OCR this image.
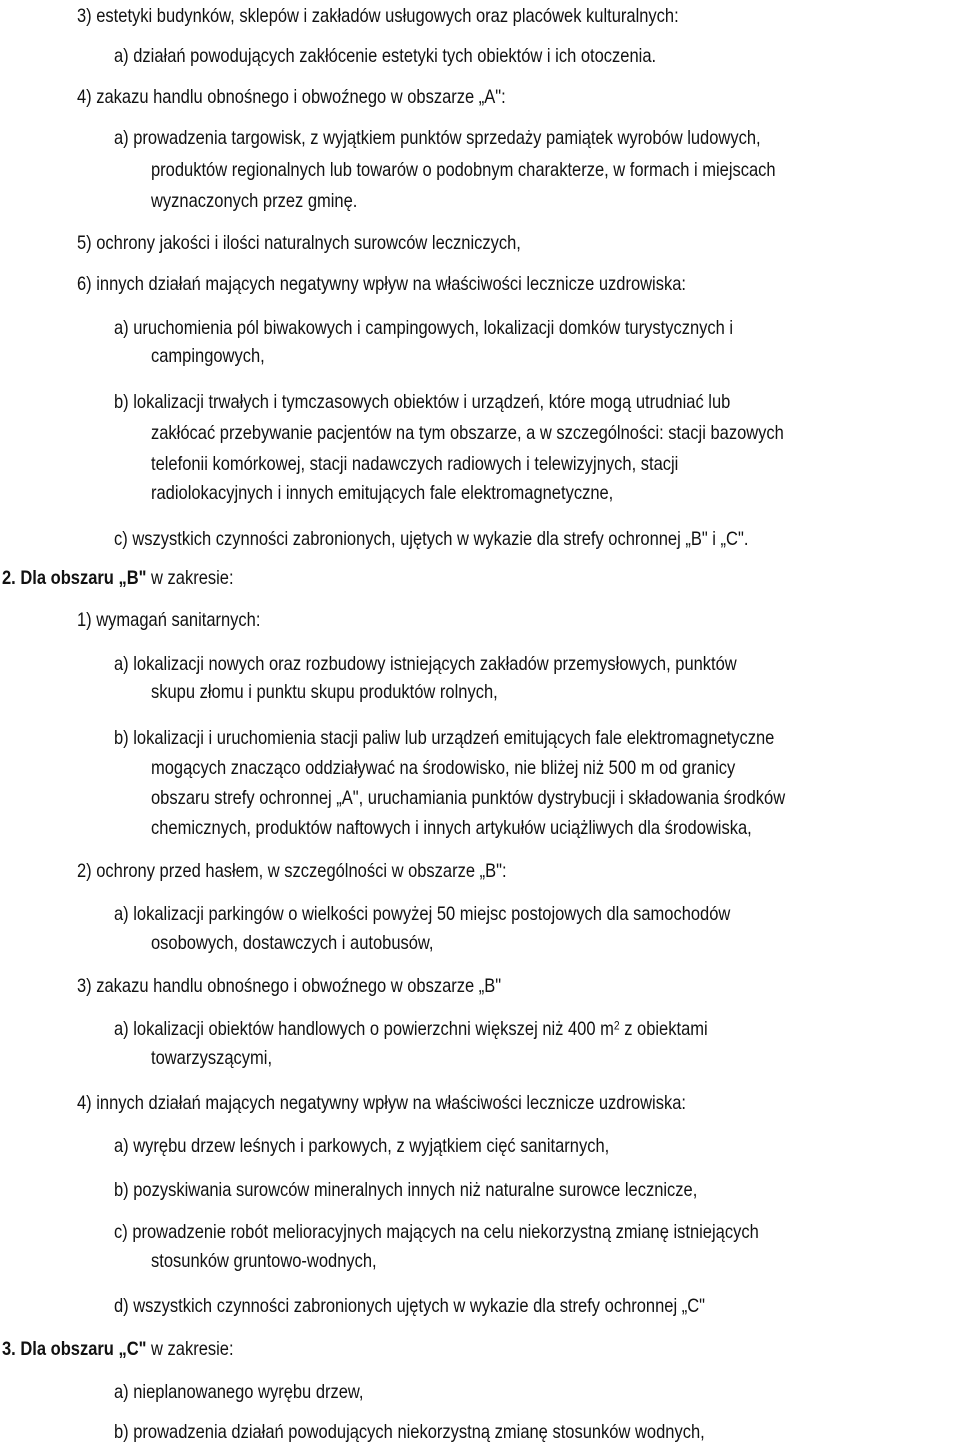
3) estetyki budynków, sklepów i zakładów usługowych oraz placówek kulturalnych:
a) działań powodujących zakłócenie estetyki tych obiektów i ich otoczenia.
4) zakazu handlu obnośnego i obwoźnego w obszarze „A":
a) prowadzenia targowisk, z wyjątkiem punktów sprzedaży pamiątek wyrobów ludowych,
produktów regionalnych lub towarów o podobnym charakterze, w formach i miejscach
wyznaczonych przez gminę.
5) ochrony jakości i ilości naturalnych surowców leczniczych,
6) innych działań mających negatywny wpływ na właściwości lecznicze uzdrowiska:
a) uruchomienia pól biwakowych i campingowych, lokalizacji domków turystycznych i
campingowych,
b) lokalizacji trwałych i tymczasowych obiektów i urządzeń, które mogą utrudniać lub
zakłócać przebywanie pacjentów na tym obszarze, a w szczególności: stacji bazowych
telefonii komórkowej, stacji nadawczych radiowych i telewizyjnych, stacji
radiolokacyjnych i innych emitujących fale elektromagnetyczne,
c) wszystkich czynności zabronionych, ujętych w wykazie dla strefy ochronnej „B" i „C".
2. Dla obszaru „B" w zakresie:
1) wymagań sanitarnych:
a) lokalizacji nowych oraz rozbudowy istniejących zakładów przemysłowych, punktów
skupu złomu i punktu skupu produktów rolnych,
b) lokalizacji i uruchomienia stacji paliw lub urządzeń emitujących fale elektromagnetyczne
mogących znacząco oddziaływać na środowisko, nie bliżej niż 500 m od granicy
obszaru strefy ochronnej „A", uruchamiania punktów dystrybucji i składowania środków
chemicznych, produktów naftowych i innych artykułów uciążliwych dla środowiska,
2) ochrony przed hasłem, w szczególności w obszarze „B":
a) lokalizacji parkingów o wielkości powyżej 50 miejsc postojowych dla samochodów
osobowych, dostawczych i autobusów,
3) zakazu handlu obnośnego i obwoźnego w obszarze „B"
a) lokalizacji obiektów handlowych o powierzchni większej niż 400 $m^2$ z obiektami
towarzyszącymi,
4) innych działań mających negatywny wpływ na właściwości lecznicze uzdrowiska:
a) wyrębu drzew leśnych i parkowych, z wyjątkiem cięć sanitarnych,
b) pozyskiwania surowców mineralnych innych niż naturalne surowce lecznicze,
c) prowadzenie robót melioracyjnych mających na celu niekorzystną zmianę istniejących
stosunków gruntowo-wodnych,
d) wszystkich czynności zabronionych ujętych w wykazie dla strefy ochronnej „C"
3. Dla obszaru „C" w zakresie:
a) nieplanowanego wyrębu drzew,
b) prowadzenia działań powodujących niekorzystną zmianę stosunków wodnych,
